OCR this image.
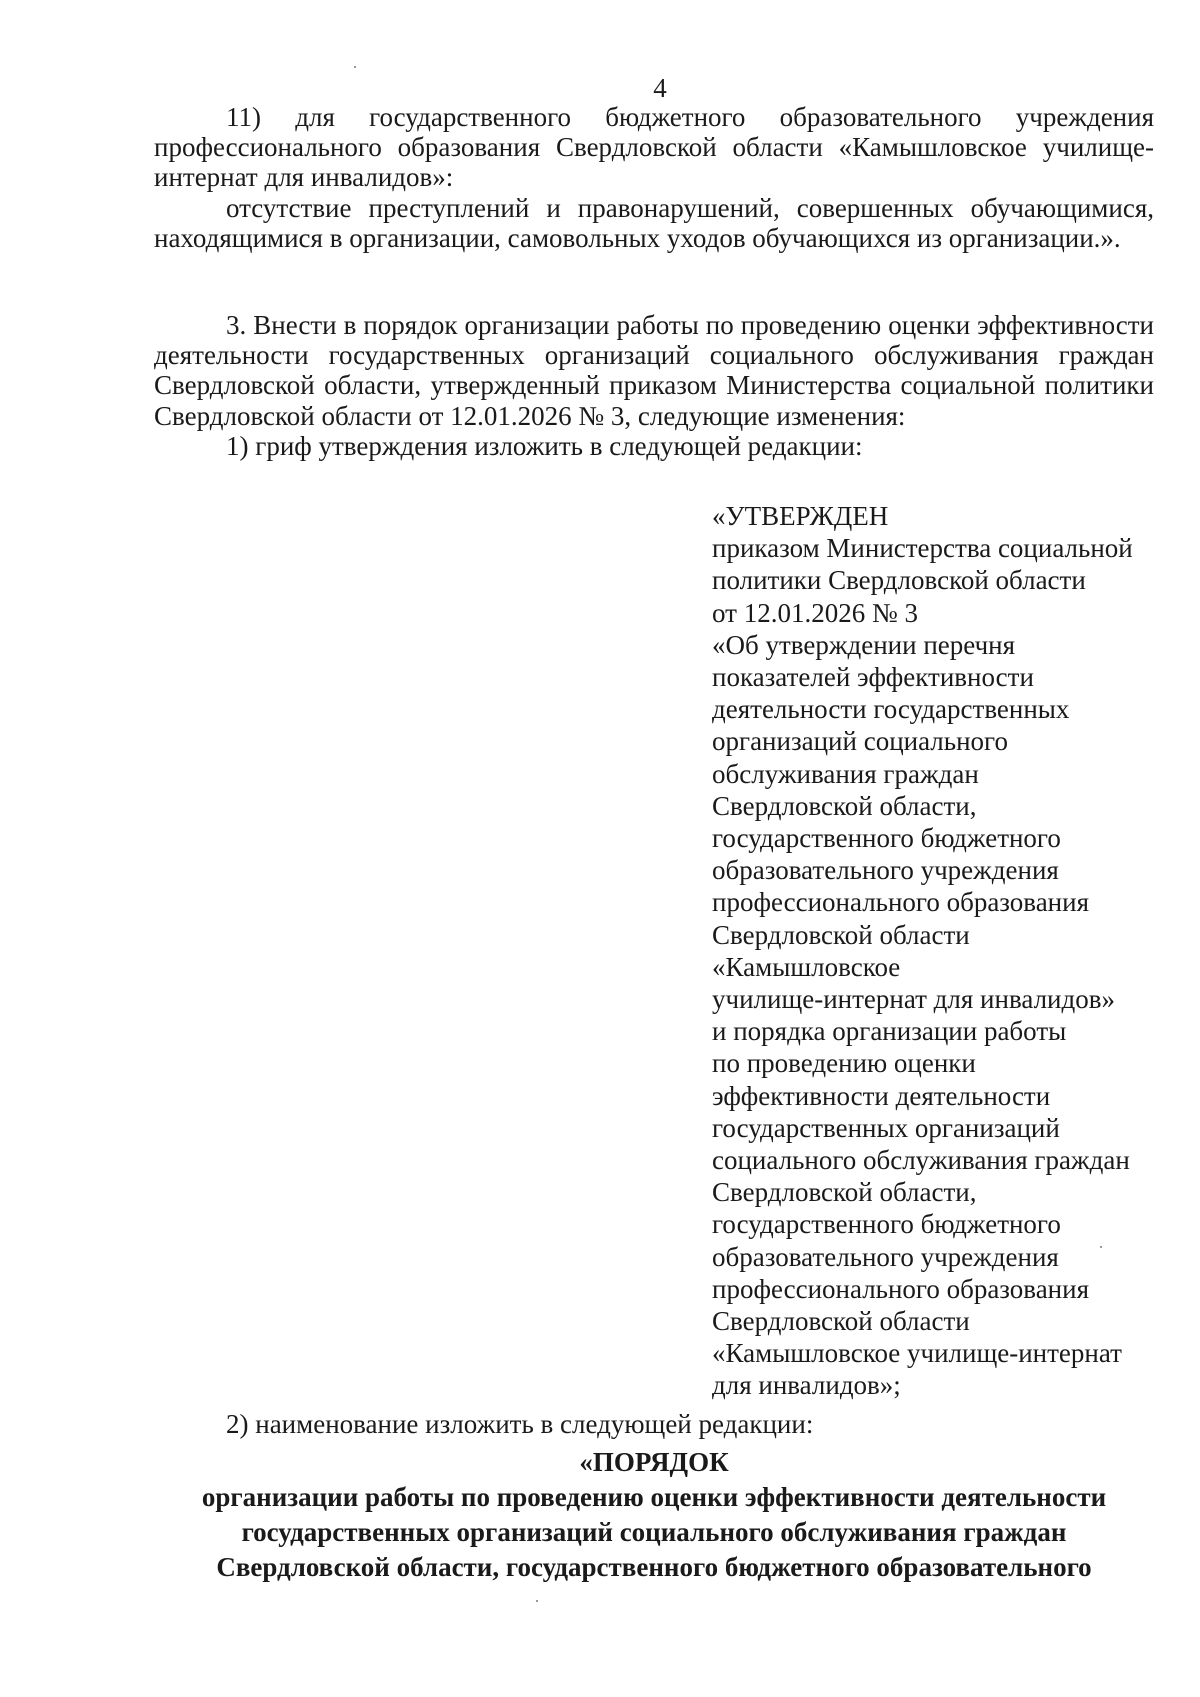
4

11) для государственного бюджетного образовательного учреждения профессионального образования Свердловской области «Камышловское училище-интернат для инвалидов»:

отсутствие преступлений и правонарушений, совершенных обучающимися, находящимися в организации, самовольных уходов обучающихся из организации.».

3. Внести в порядок организации работы по проведению оценки эффективности деятельности государственных организаций социального обслуживания граждан Свердловской области, утвержденный приказом Министерства социальной политики Свердловской области от 12.01.2026 № 3, следующие изменения:

1) гриф утверждения изложить в следующей редакции:

«УТВЕРЖДЕН
приказом Министерства социальной
политики Свердловской области
от 12.01.2026 № 3
«Об утверждении перечня
показателей эффективности
деятельности государственных
организаций социального
обслуживания граждан
Свердловской области,
государственного бюджетного
образовательного учреждения
профессионального образования
Свердловской области
«Камышловское
училище-интернат для инвалидов»
и порядка организации работы
по проведению оценки
эффективности деятельности
государственных организаций
социального обслуживания граждан
Свердловской области,
государственного бюджетного
образовательного учреждения
профессионального образования
Свердловской области
«Камышловское училище-интернат
для инвалидов»;
2) наименование изложить в следующей редакции:
«ПОРЯДОК
организации работы по проведению оценки эффективности деятельности
государственных организаций социального обслуживания граждан
Свердловской области, государственного бюджетного образовательного
